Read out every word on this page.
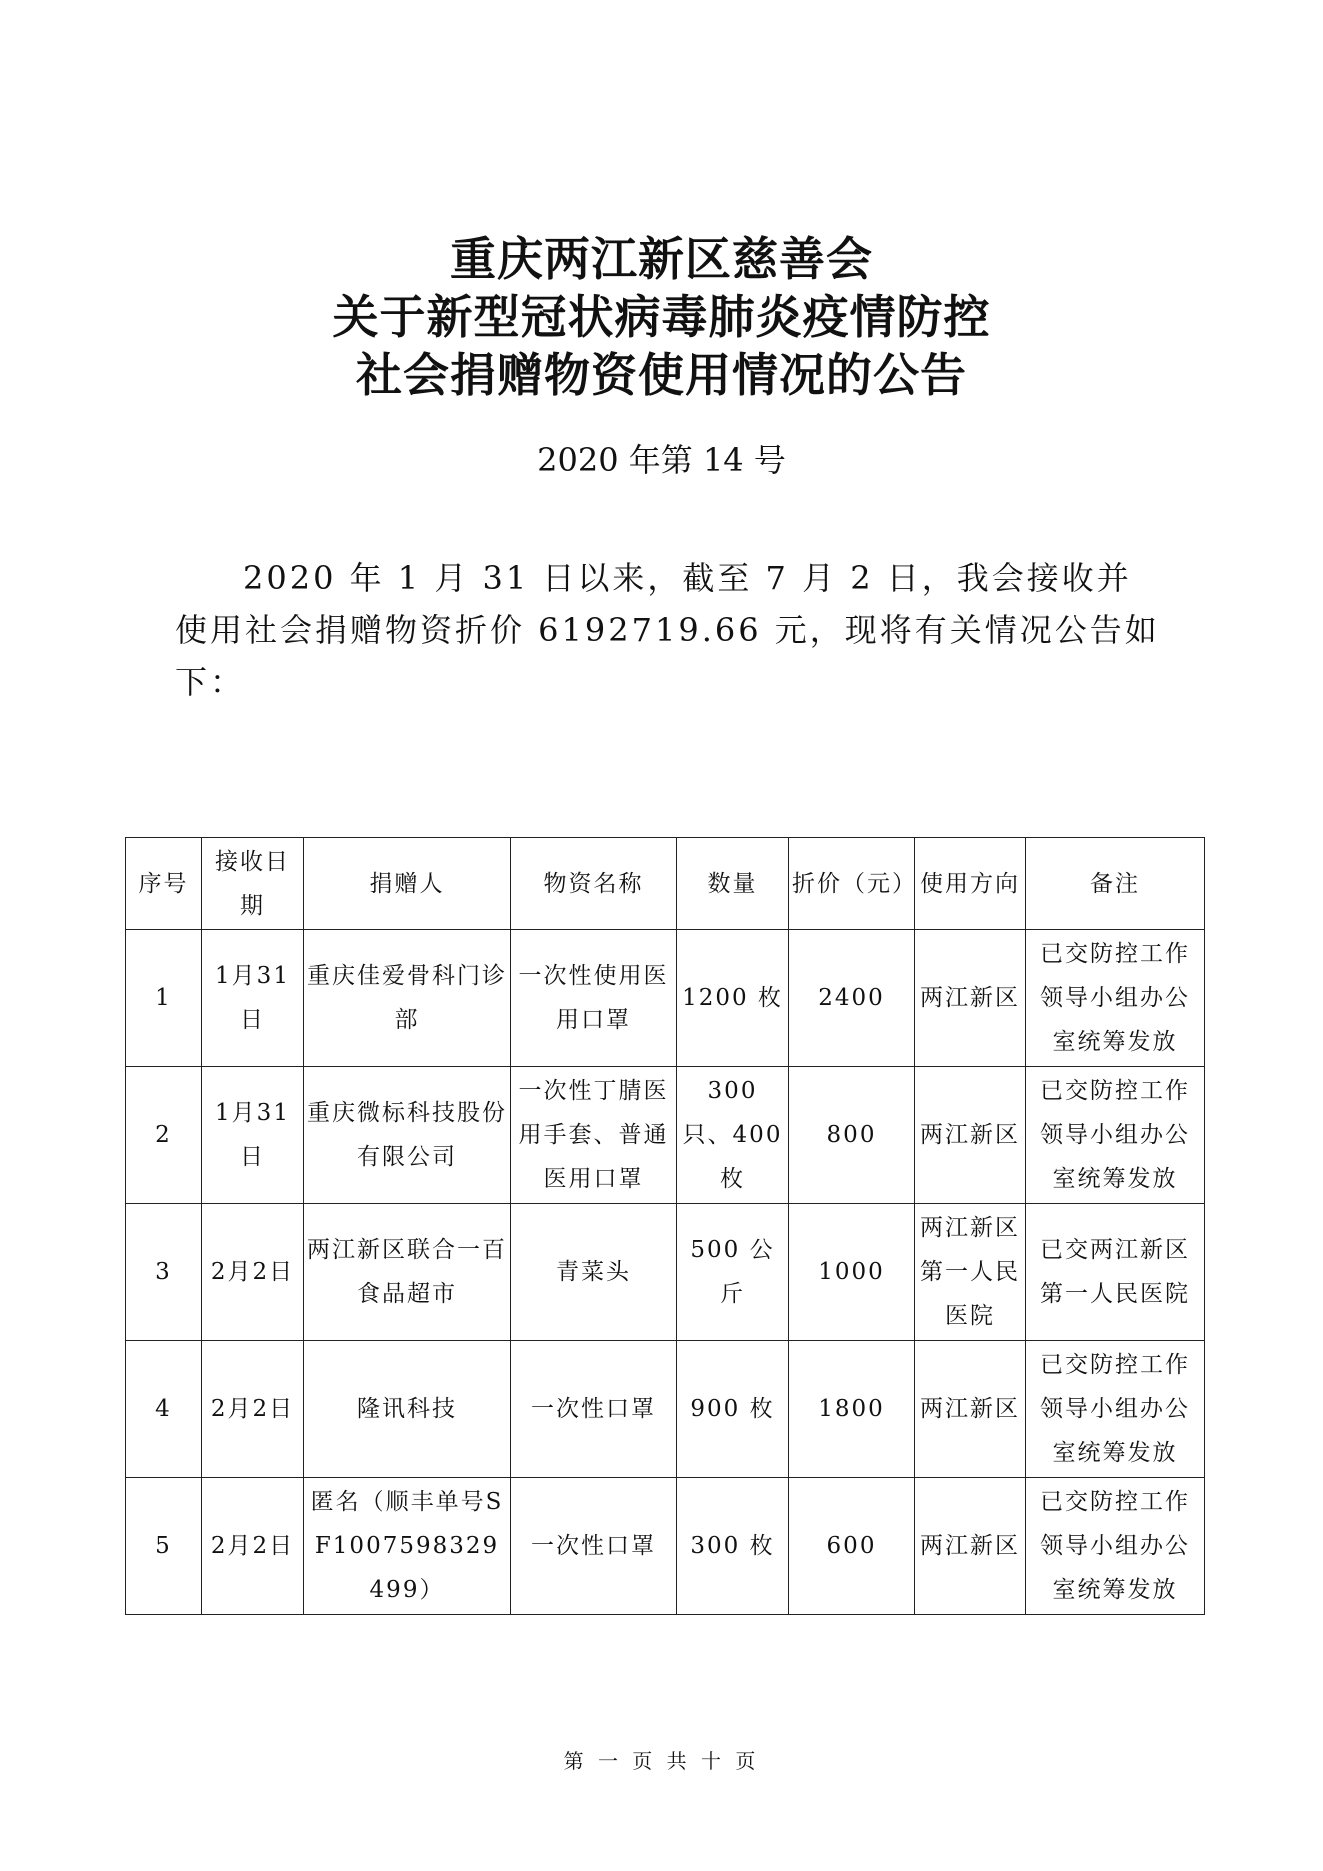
重庆两江新区慈善会
关于新型冠状病毒肺炎疫情防控
社会捐赠物资使用情况的公告
2020 年第 14 号
2020 年 1 月 31 日以来，截至 7 月 2 日，我会接收并使用社会捐赠物资折价 6192719.66 元，现将有关情况公告如下：
序号	接收日期	捐赠人	物资名称	数量	折价（元）	使用方向	备注
1	1月31日	重庆佳爱骨科门诊部	一次性使用医用口罩	1200 枚	2400	两江新区	已交防控工作领导小组办公室统筹发放
2	1月31日	重庆微标科技股份有限公司	一次性丁腈医用手套、普通医用口罩	300 只、400 枚	800	两江新区	已交防控工作领导小组办公室统筹发放
3	2月2日	两江新区联合一百食品超市	青菜头	500 公斤	1000	两江新区第一人民医院	已交两江新区第一人民医院
4	2月2日	隆讯科技	一次性口罩	900 枚	1800	两江新区	已交防控工作领导小组办公室统筹发放
5	2月2日	匿名（顺丰单号SF1007598329499）	一次性口罩	300 枚	600	两江新区	已交防控工作领导小组办公室统筹发放
第 一 页 共 十 页
